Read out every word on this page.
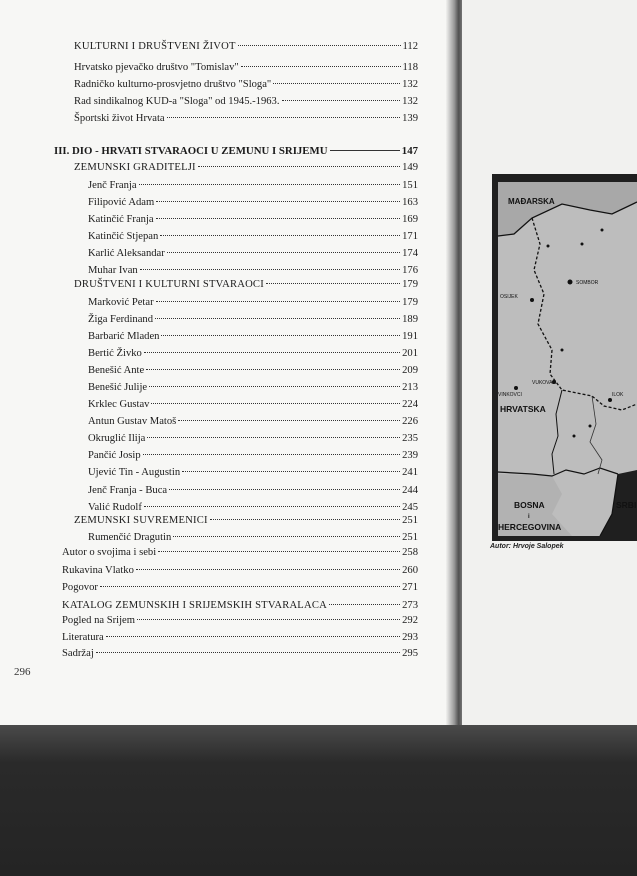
KULTURNI I DRUŠTVENI ŽIVOT	112
Hrvatsko pjevačko društvo "Tomislav"	118
Radničko kulturno-prosvjetno društvo "Sloga"	132
Rad sindikalnog KUD-a "Sloga" od 1945.-1963.	132
Športski život Hrvata	139
III. DIO - HRVATI STVARAOCI U ZEMUNU I SRIJEMU	147
ZEMUNSKI GRADITELJI	149
Jenč Franja	151
Filipović Adam	163
Katinčić Franja	169
Katinčić Stjepan	171
Karlić Aleksandar	174
Muhar Ivan	176
DRUŠTVENI I KULTURNI STVARAOCI	179
Marković Petar	179
Žiga Ferdinand	189
Barbarić Mladen	191
Bertić Živko	201
Benešić Ante	209
Benešić Julije	213
Krklec Gustav	224
Antun Gustav Matoš	226
Okruglić Ilija	235
Pančić Josip	239
Ujević Tin - Augustin	241
Jenč Franja - Buca	244
Valić Rudolf	245
ZEMUNSKI SUVREMENICI	251
Rumenčić Dragutin	251
Autor o svojima i sebi	258
Rukavina Vlatko	260
Pogovor	271
KATALOG ZEMUNSKIH I SRIJEMSKIH STVARALACA	273
Pogled na Srijem	292
Literatura	293
Sadržaj	295
296
MAĐARSKA
SOMBOR
OSIJEK
VUKOVAR
VINKOVCI	ILOK
HRVATSKA
BOSNA
i
HERCEGOVINA
SRBI
Autor: Hrvoje Salopek
